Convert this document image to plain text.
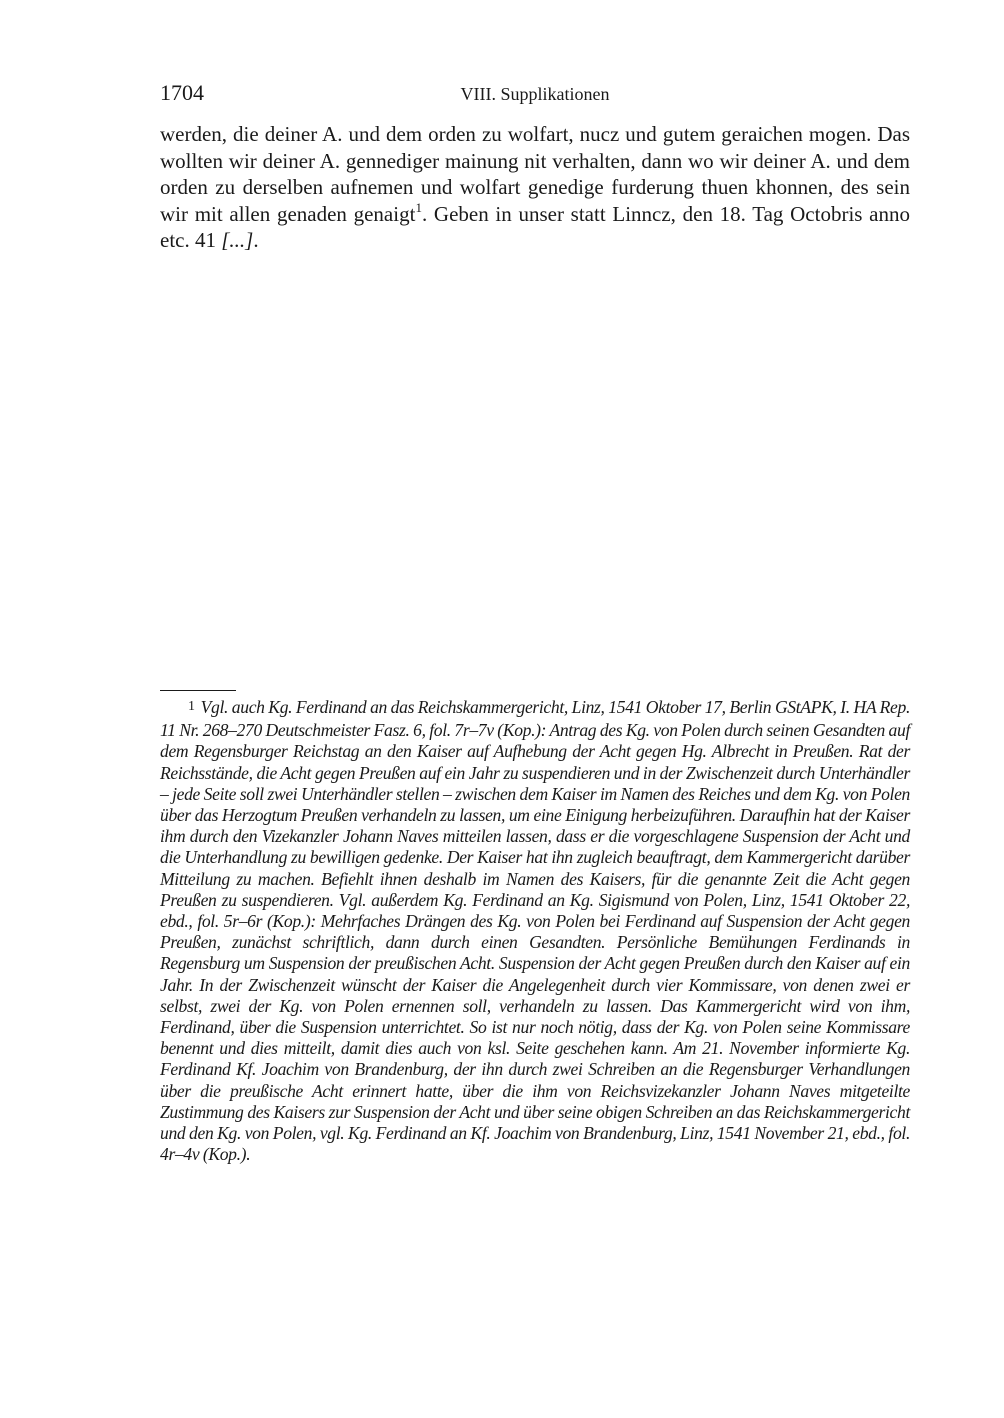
1704	VIII. Supplikationen

werden, die deiner A. und dem orden zu wolfart, nucz und gutem geraichen mogen. Das wollten wir deiner A. gennediger mainung nit verhalten, dann wo wir deiner A. und dem orden zu derselben aufnemen und wolfart genedige furderung thuen khonnen, des sein wir mit allen genaden genaigt$^1$. Geben in unser statt Linncz, den 18. Tag Octobris anno etc. 41 [...].

1 Vgl. auch Kg. Ferdinand an das Reichskammergericht, Linz, 1541 Oktober 17, Berlin GStAPK, I. HA Rep. 11 Nr. 268–270 Deutschmeister Fasz. 6, fol. 7r–7v (Kop.): Antrag des Kg. von Polen durch seinen Gesandten auf dem Regensburger Reichstag an den Kaiser auf Aufhebung der Acht gegen Hg. Albrecht in Preußen. Rat der Reichsstände, die Acht gegen Preußen auf ein Jahr zu suspendieren und in der Zwischenzeit durch Unterhändler – jede Seite soll zwei Unterhändler stellen – zwischen dem Kaiser im Namen des Reiches und dem Kg. von Polen über das Herzogtum Preußen verhandeln zu lassen, um eine Einigung herbeizuführen. Daraufhin hat der Kaiser ihm durch den Vizekanzler Johann Naves mitteilen lassen, dass er die vorgeschlagene Suspension der Acht und die Unterhandlung zu bewilligen gedenke. Der Kaiser hat ihn zugleich beauftragt, dem Kammergericht darüber Mitteilung zu machen. Befiehlt ihnen deshalb im Namen des Kaisers, für die genannte Zeit die Acht gegen Preußen zu suspendieren. Vgl. außerdem Kg. Ferdinand an Kg. Sigismund von Polen, Linz, 1541 Oktober 22, ebd., fol. 5r–6r (Kop.): Mehrfaches Drängen des Kg. von Polen bei Ferdinand auf Suspension der Acht gegen Preußen, zunächst schriftlich, dann durch einen Gesandten. Persönliche Bemühungen Ferdinands in Regensburg um Suspension der preußischen Acht. Suspension der Acht gegen Preußen durch den Kaiser auf ein Jahr. In der Zwischenzeit wünscht der Kaiser die Angelegenheit durch vier Kommissare, von denen zwei er selbst, zwei der Kg. von Polen ernennen soll, verhandeln zu lassen. Das Kammergericht wird von ihm, Ferdinand, über die Suspension unterrichtet. So ist nur noch nötig, dass der Kg. von Polen seine Kommissare benennt und dies mitteilt, damit dies auch von ksl. Seite geschehen kann. Am 21. November informierte Kg. Ferdinand Kf. Joachim von Brandenburg, der ihn durch zwei Schreiben an die Regensburger Verhandlungen über die preußische Acht erinnert hatte, über die ihm von Reichsvizekanzler Johann Naves mitgeteilte Zustimmung des Kaisers zur Suspension der Acht und über seine obigen Schreiben an das Reichskammergericht und den Kg. von Polen, vgl. Kg. Ferdinand an Kf. Joachim von Brandenburg, Linz, 1541 November 21, ebd., fol. 4r–4v (Kop.).
